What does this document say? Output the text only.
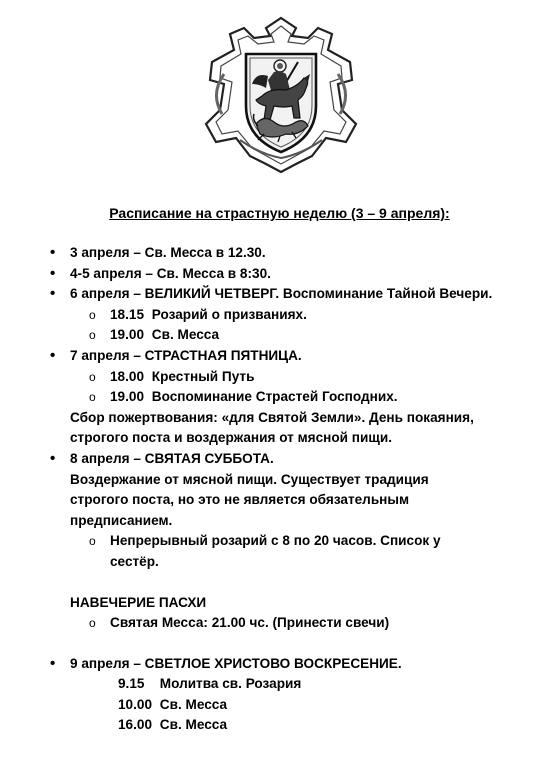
Расписание на страстную неделю (3 – 9 апреля):
• 3 апреля – Св. Месса в 12.30.
• 4-5 апреля – Св. Месса в 8:30.
• 6 апреля – ВЕЛИКИЙ ЧЕТВЕРГ. Воспоминание Тайной Вечери.
o 18.15 Розарий о призваниях.
o 19.00 Св. Месса
• 7 апреля – СТРАСТНАЯ ПЯТНИЦА.
o 18.00 Крестный Путь
o 19.00 Воспоминание Страстей Господних.
Сбор пожертвования: «для Святой Земли». День покаяния,
строгого поста и воздержания от мясной пищи.
• 8 апреля – СВЯТАЯ СУББОТА.
Воздержание от мясной пищи. Существует традиция
строгого поста, но это не является обязательным
предписанием.
o Непрерывный розарий с 8 по 20 часов. Список у
сестёр.
НАВЕЧЕРИЕ ПАСХИ
o Святая Месса: 21.00 чс. (Принести свечи)
• 9 апреля – СВЕТЛОЕ ХРИСТОВО ВОСКРЕСЕНИЕ.
9.15 Молитва св. Розария
10.00 Св. Месса
16.00 Св. Месса
